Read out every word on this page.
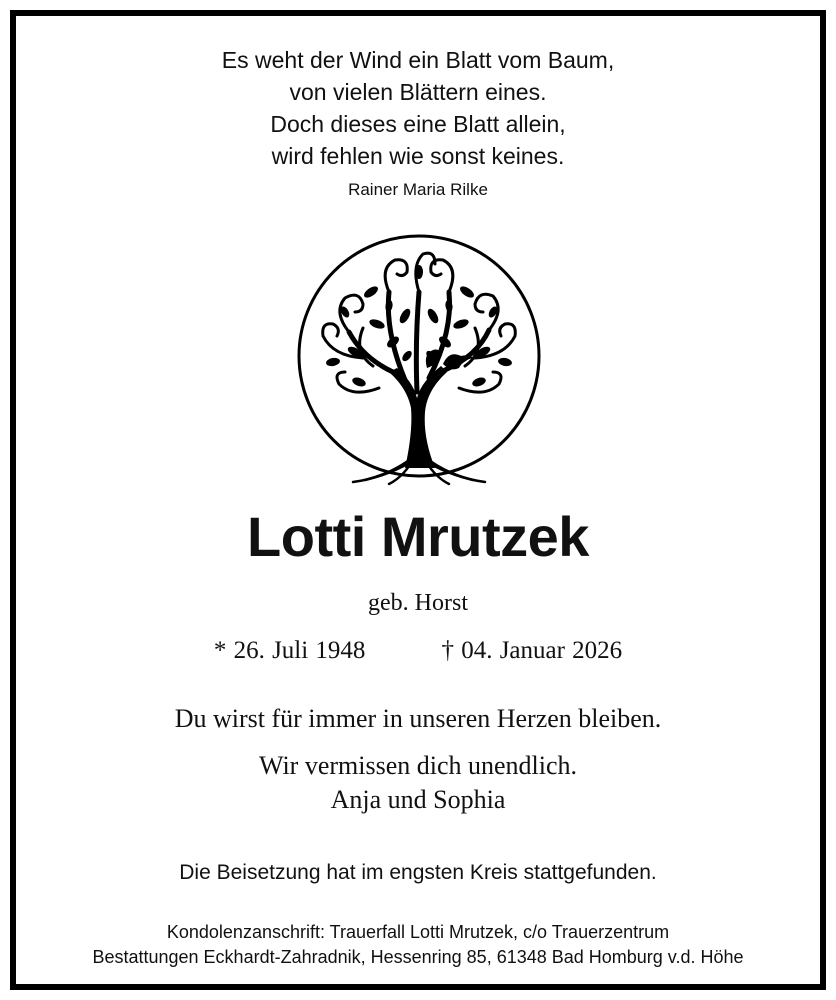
Es weht der Wind ein Blatt vom Baum,
von vielen Blättern eines.
Doch dieses eine Blatt allein,
wird fehlen wie sonst keines.
Rainer Maria Rilke
Lotti Mrutzek
geb. Horst
* 26. Juli 1948	† 04. Januar 2026
Du wirst für immer in unseren Herzen bleiben.
Wir vermissen dich unendlich.
Anja und Sophia
Die Beisetzung hat im engsten Kreis stattgefunden.
Kondolenzanschrift: Trauerfall Lotti Mrutzek, c/o Trauerzentrum
Bestattungen Eckhardt-Zahradnik, Hessenring 85, 61348 Bad Homburg v.d. Höhe
